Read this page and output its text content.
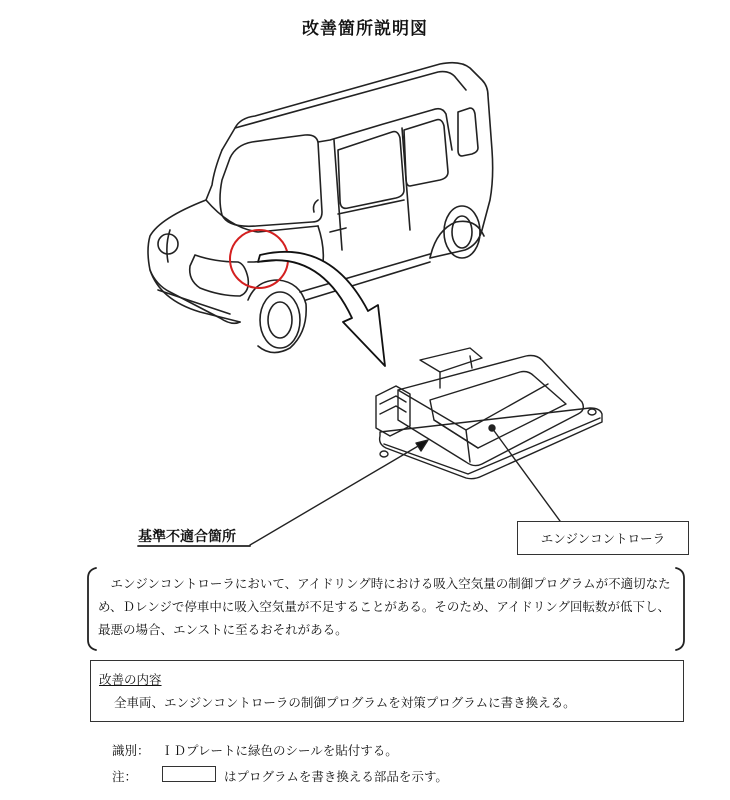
改善箇所説明図
基準不適合箇所	エンジンコントローラ

エンジンコントローラにおいて、アイドリング時における吸入空気量の制御プログラムが不適切なため、Ｄレンジで停車中に吸入空気量が不足することがある。そのため、アイドリング回転数が低下し、最悪の場合、エンストに至るおそれがある。

改善の内容
全車両、エンジンコントローラの制御プログラムを対策プログラムに書き換える。
識別： ＩＤプレートに緑色のシールを貼付する。
注：	はプログラムを書き換える部品を示す。
